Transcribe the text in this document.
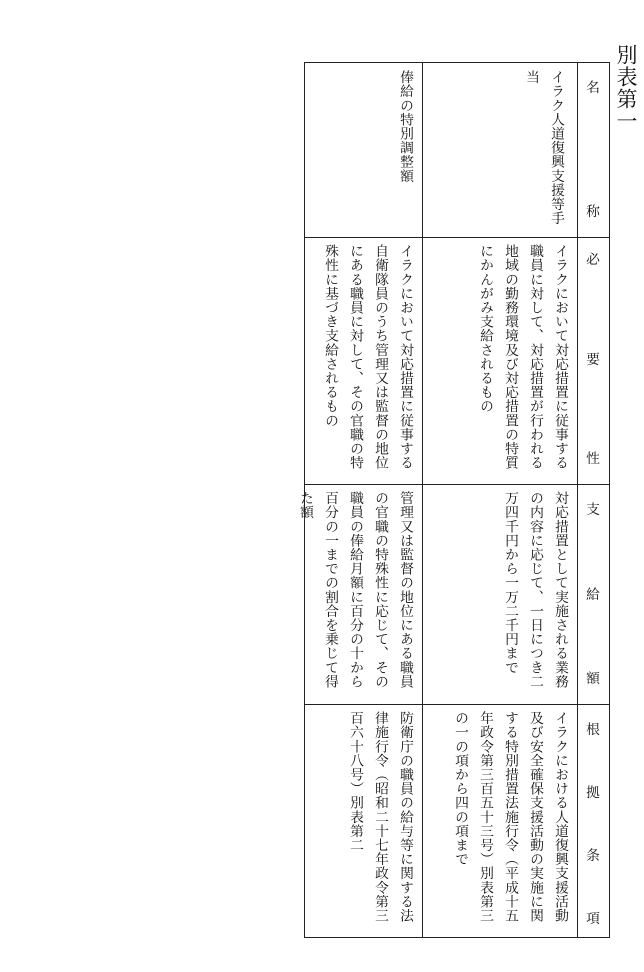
別表第一
名
称
必
要
性
支
給
額
根
拠
条
項
イラク人道復興支援等手当
イラクにおいて対応措置に従事する職員に対して、対応措置が行われる地域の勤務環境及び対応措置の特質にかんがみ支給されるもの
対応措置として実施される業務の内容に応じて、一日につき二万四千円から一万二千円まで
イラクにおける人道復興支援活動及び安全確保支援活動の実施に関する特別措置法施行令（平成十五年政令第三百五十三号）別表第三の一の項から四の項まで
俸給の特別調整額
イラクにおいて対応措置に従事する自衛隊員のうち管理又は監督の地位にある職員に対して、その官職の特殊性に基づき支給されるもの
管理又は監督の地位にある職員の官職の特殊性に応じて、その職員の俸給月額に百分の十から百分の一までの割合を乗じて得た額
防衛庁の職員の給与等に関する法律施行令（昭和二十七年政令第三百六十八号）別表第二
